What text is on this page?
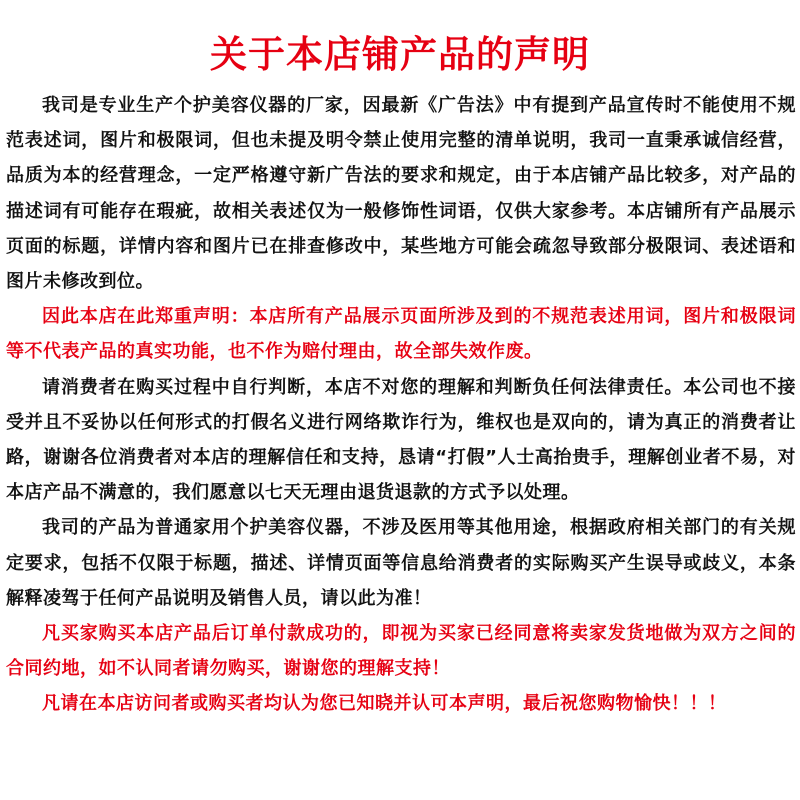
关于本店铺产品的声明

我司是专业生产个护美容仪器的厂家，因最新《广告法》中有提到产品宣传时不能使用不规范表述词，图片和极限词，但也未提及明令禁止使用完整的清单说明，我司一直秉承诚信经营，品质为本的经营理念，一定严格遵守新广告法的要求和规定，由于本店铺产品比较多，对产品的描述词有可能存在瑕疵，故相关表述仅为一般修饰性词语，仅供大家参考。本店铺所有产品展示页面的标题，详情内容和图片已在排查修改中，某些地方可能会疏忽导致部分极限词、表述语和图片未修改到位。

因此本店在此郑重声明：本店所有产品展示页面所涉及到的不规范表述用词，图片和极限词等不代表产品的真实功能，也不作为赔付理由，故全部失效作废。

请消费者在购买过程中自行判断，本店不对您的理解和判断负任何法律责任。本公司也不接受并且不妥协以任何形式的打假名义进行网络欺诈行为，维权也是双向的，请为真正的消费者让路，谢谢各位消费者对本店的理解信任和支持，恳请“打假”人士高抬贵手，理解创业者不易，对本店产品不满意的，我们愿意以七天无理由退货退款的方式予以处理。

我司的产品为普通家用个护美容仪器，不涉及医用等其他用途，根据政府相关部门的有关规定要求，包括不仅限于标题，描述、详情页面等信息给消费者的实际购买产生误导或歧义，本条解释凌驾于任何产品说明及销售人员，请以此为准！

凡买家购买本店产品后订单付款成功的，即视为买家已经同意将卖家发货地做为双方之间的合同约地，如不认同者请勿购买，谢谢您的理解支持！

凡请在本店访问者或购买者均认为您已知晓并认可本声明，最后祝您购物愉快！！！
